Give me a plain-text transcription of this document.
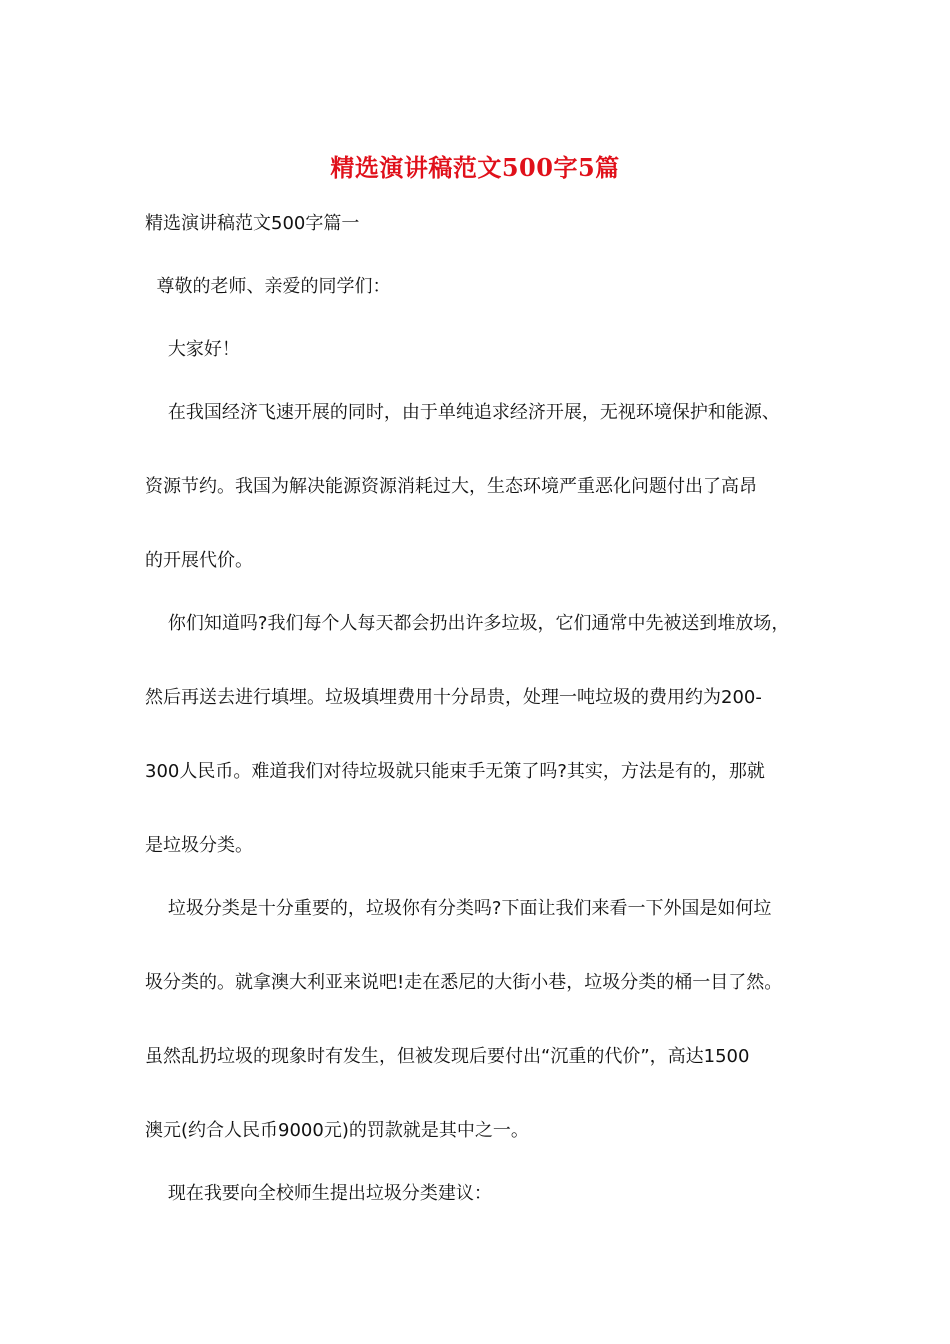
精选演讲稿范文500字5篇
精选演讲稿范文500字篇一
尊敬的老师、亲爱的同学们：
大家好！
在我国经济飞速开展的同时，由于单纯追求经济开展，无视环境保护和能源、
资源节约。我国为解决能源资源消耗过大，生态环境严重恶化问题付出了高昂
的开展代价。
你们知道吗?我们每个人每天都会扔出许多垃圾，它们通常中先被送到堆放场，
然后再送去进行填埋。垃圾填埋费用十分昂贵，处理一吨垃圾的费用约为200-
300人民币。难道我们对待垃圾就只能束手无策了吗?其实，方法是有的，那就
是垃圾分类。
垃圾分类是十分重要的，垃圾你有分类吗?下面让我们来看一下外国是如何垃
圾分类的。就拿澳大利亚来说吧!走在悉尼的大街小巷，垃圾分类的桶一目了然。
虽然乱扔垃圾的现象时有发生，但被发现后要付出“沉重的代价”，高达1500
澳元(约合人民币9000元)的罚款就是其中之一。
现在我要向全校师生提出垃圾分类建议：
